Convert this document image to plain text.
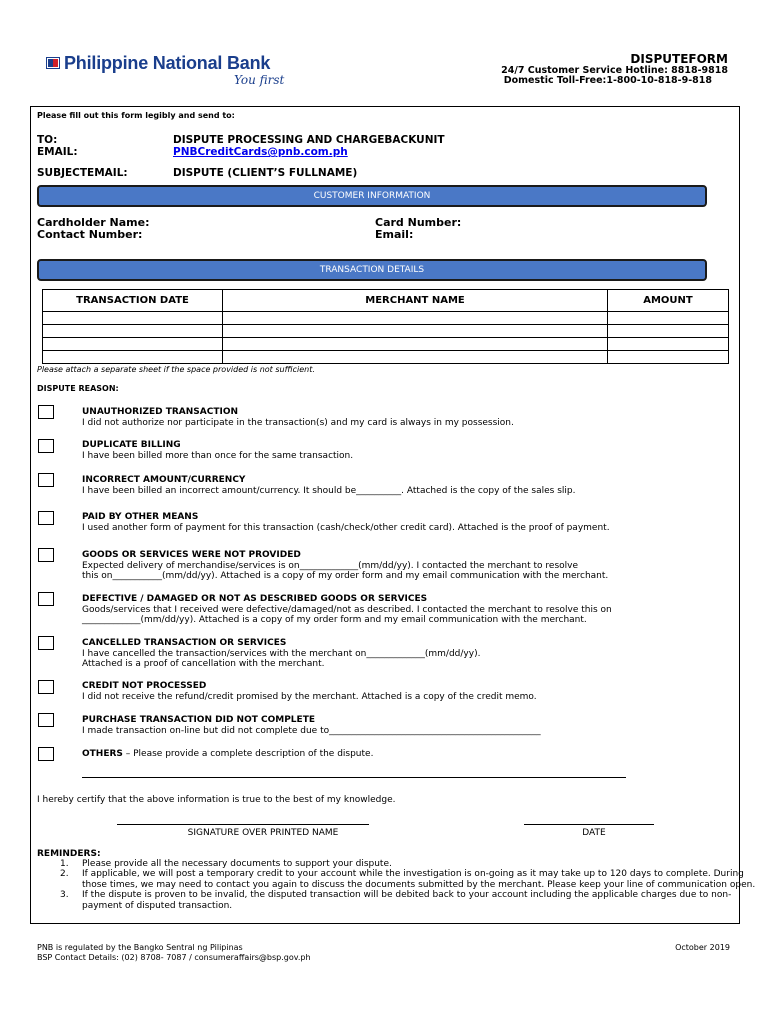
Philippine National Bank
You first
DISPUTEFORM
24/7 Customer Service Hotline: 8818-9818
Domestic Toll-Free:1-800-10-818-9-818
Please fill out this form legibly and send to:
TO:	DISPUTE PROCESSING AND CHARGEBACKUNIT
EMAIL:	PNBCreditCards@pnb.com.ph
SUBJECTEMAIL:	DISPUTE (CLIENT’S FULLNAME)
CUSTOMER INFORMATION
Cardholder Name:
Contact Number:
Card Number:
Email:
TRANSACTION DETAILS
TRANSACTION DATE	MERCHANT NAME	AMOUNT

Please attach a separate sheet if the space provided is not sufficient.
DISPUTE REASON:
UNAUTHORIZED TRANSACTION
I did not authorize nor participate in the transaction(s) and my card is always in my possession.
DUPLICATE BILLING
I have been billed more than once for the same transaction.
INCORRECT AMOUNT/CURRENCY
I have been billed an incorrect amount/currency. It should be__________. Attached is the copy of the sales slip.
PAID BY OTHER MEANS
I used another form of payment for this transaction (cash/check/other credit card). Attached is the proof of payment.
GOODS OR SERVICES WERE NOT PROVIDED
Expected delivery of merchandise/services is on_____________(mm/dd/yy). I contacted the merchant to resolve
this on___________(mm/dd/yy). Attached is a copy of my order form and my email communication with the merchant.
DEFECTIVE / DAMAGED OR NOT AS DESCRIBED GOODS OR SERVICES
Goods/services that I received were defective/damaged/not as described. I contacted the merchant to resolve this on
_____________(mm/dd/yy). Attached is a copy of my order form and my email communication with the merchant.
CANCELLED TRANSACTION OR SERVICES
I have cancelled the transaction/services with the merchant on_____________(mm/dd/yy).
Attached is a proof of cancellation with the merchant.
CREDIT NOT PROCESSED
I did not receive the refund/credit promised by the merchant. Attached is a copy of the credit memo.
PURCHASE TRANSACTION DID NOT COMPLETE
I made transaction on-line but did not complete due to_______________________________________________
OTHERS – Please provide a complete description of the dispute.
I hereby certify that the above information is true to the best of my knowledge.
SIGNATURE OVER PRINTED NAME	DATE
REMINDERS:
1. Please provide all the necessary documents to support your dispute.
2. If applicable, we will post a temporary credit to your account while the investigation is on-going as it may take up to 120 days to complete. During those times, we may need to contact you again to discuss the documents submitted by the merchant. Please keep your line of communication open.
3. If the dispute is proven to be invalid, the disputed transaction will be debited back to your account including the applicable charges due to non-payment of disputed transaction.
PNB is regulated by the Bangko Sentral ng Pilipinas
BSP Contact Details: (02) 8708- 7087 / consumeraffairs@bsp.gov.ph
October 2019
